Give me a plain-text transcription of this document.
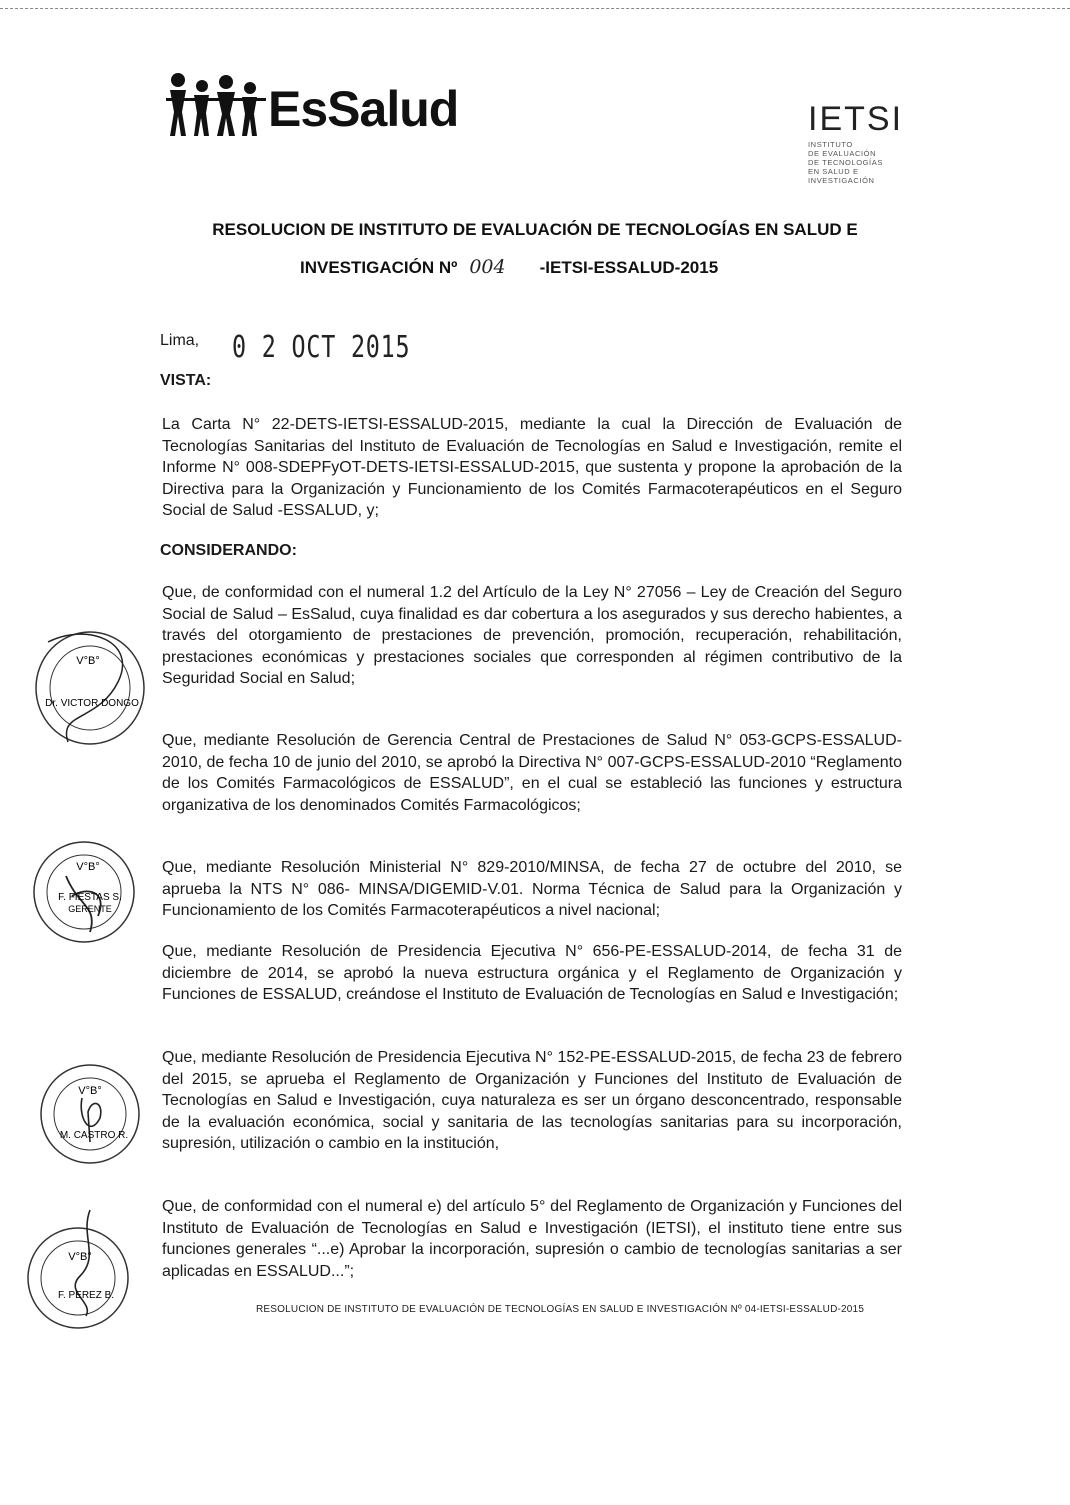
EsSalud	IETSI
INSTITUTO
DE EVALUACIÓN
DE TECNOLOGÍAS
EN SALUD E
INVESTIGACIÓN
RESOLUCION DE INSTITUTO DE EVALUACIÓN DE TECNOLOGÍAS EN SALUD E
INVESTIGACIÓN Nº 004 -IETSI-ESSALUD-2015
Lima, 0 2 OCT 2015
VISTA:
La Carta N° 22-DETS-IETSI-ESSALUD-2015, mediante la cual la Dirección de Evaluación de Tecnologías Sanitarias del Instituto de Evaluación de Tecnologías en Salud e Investigación, remite el Informe N° 008-SDEPFyOT-DETS-IETSI-ESSALUD-2015, que sustenta y propone la aprobación de la Directiva para la Organización y Funcionamiento de los Comités Farmacoterapéuticos en el Seguro Social de Salud -ESSALUD, y;
CONSIDERANDO:
Que, de conformidad con el numeral 1.2 del Artículo de la Ley N° 27056 – Ley de Creación del Seguro Social de Salud – EsSalud, cuya finalidad es dar cobertura a los asegurados y sus derecho habientes, a través del otorgamiento de prestaciones de prevención, promoción, recuperación, rehabilitación, prestaciones económicas y prestaciones sociales que corresponden al régimen contributivo de la Seguridad Social en Salud;
Que, mediante Resolución de Gerencia Central de Prestaciones de Salud N° 053-GCPS-ESSALUD-2010, de fecha 10 de junio del 2010, se aprobó la Directiva N° 007-GCPS-ESSALUD-2010 “Reglamento de los Comités Farmacológicos de ESSALUD”, en el cual se estableció las funciones y estructura organizativa de los denominados Comités Farmacológicos;
Que, mediante Resolución Ministerial N° 829-2010/MINSA, de fecha 27 de octubre del 2010, se aprueba la NTS N° 086- MINSA/DIGEMID-V.01. Norma Técnica de Salud para la Organización y Funcionamiento de los Comités Farmacoterapéuticos a nivel nacional;
Que, mediante Resolución de Presidencia Ejecutiva N° 656-PE-ESSALUD-2014, de fecha 31 de diciembre de 2014, se aprobó la nueva estructura orgánica y el Reglamento de Organización y Funciones de ESSALUD, creándose el Instituto de Evaluación de Tecnologías en Salud e Investigación;
Que, mediante Resolución de Presidencia Ejecutiva N° 152-PE-ESSALUD-2015, de fecha 23 de febrero del 2015, se aprueba el Reglamento de Organización y Funciones del Instituto de Evaluación de Tecnologías en Salud e Investigación, cuya naturaleza es ser un órgano desconcentrado, responsable de la evaluación económica, social y sanitaria de las tecnologías sanitarias para su incorporación, supresión, utilización o cambio en la institución,
Que, de conformidad con el numeral e) del artículo 5° del Reglamento de Organización y Funciones del Instituto de Evaluación de Tecnologías en Salud e Investigación (IETSI), el instituto tiene entre sus funciones generales “...e) Aprobar la incorporación, supresión o cambio de tecnologías sanitarias a ser aplicadas en ESSALUD...”;
V°B°
Dr. VICTOR DONGO
V°B°
F. FIESTAS S.
GERENTE
V°B°
M. CASTRO R.
V°B°
F. PEREZ B.
RESOLUCION DE INSTITUTO DE EVALUACIÓN DE TECNOLOGÍAS EN SALUD E INVESTIGACIÓN Nº 04-IETSI-ESSALUD-2015
